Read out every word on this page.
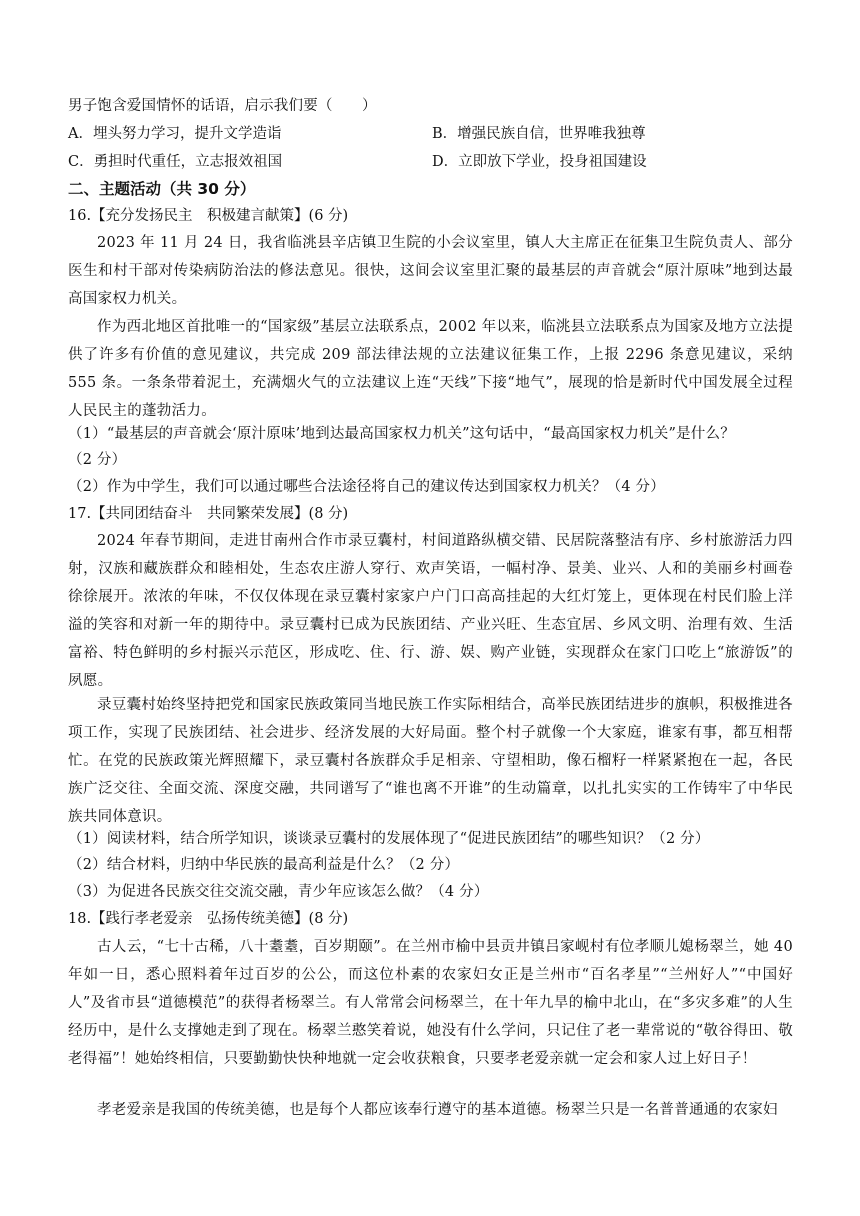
男子饱含爱国情怀的话语，启示我们要（　　）
A．埋头努力学习，提升文学造诣	B．增强民族自信，世界唯我独尊
C．勇担时代重任，立志报效祖国	D．立即放下学业，投身祖国建设
二、主题活动（共 30 分）
16.【充分发扬民主　积极建言献策】(6 分)
2023 年 11 月 24 日，我省临洮县辛店镇卫生院的小会议室里，镇人大主席正在征集卫生院负责人、部分医生和村干部对传染病防治法的修法意见。很快，这间会议室里汇聚的最基层的声音就会“原汁原味”地到达最高国家权力机关。
作为西北地区首批唯一的“国家级”基层立法联系点，2002 年以来，临洮县立法联系点为国家及地方立法提供了许多有价值的意见建议，共完成 209 部法律法规的立法建议征集工作，上报 2296 条意见建议，采纳 555 条。一条条带着泥土，充满烟火气的立法建议上连“天线”下接“地气”，展现的恰是新时代中国发展全过程人民民主的蓬勃活力。
（1）“最基层的声音就会‘原汁原味’地到达最高国家权力机关”这句话中，“最高国家权力机关”是什么？
（2 分）
（2）作为中学生，我们可以通过哪些合法途径将自己的建议传达到国家权力机关？（4 分）
17.【共同团结奋斗　共同繁荣发展】(8 分)
2024 年春节期间，走进甘南州合作市录豆囊村，村间道路纵横交错、民居院落整洁有序、乡村旅游活力四射，汉族和藏族群众和睦相处，生态农庄游人穿行、欢声笑语，一幅村净、景美、业兴、人和的美丽乡村画卷徐徐展开。浓浓的年味，不仅仅体现在录豆囊村家家户户门口高高挂起的大红灯笼上，更体现在村民们脸上洋溢的笑容和对新一年的期待中。录豆囊村已成为民族团结、产业兴旺、生态宜居、乡风文明、治理有效、生活富裕、特色鲜明的乡村振兴示范区，形成吃、住、行、游、娱、购产业链，实现群众在家门口吃上“旅游饭”的夙愿。
录豆囊村始终坚持把党和国家民族政策同当地民族工作实际相结合，高举民族团结进步的旗帜，积极推进各项工作，实现了民族团结、社会进步、经济发展的大好局面。整个村子就像一个大家庭，谁家有事，都互相帮忙。在党的民族政策光辉照耀下，录豆囊村各族群众手足相亲、守望相助，像石榴籽一样紧紧抱在一起，各民族广泛交往、全面交流、深度交融，共同谱写了“谁也离不开谁”的生动篇章，以扎扎实实的工作铸牢了中华民族共同体意识。
（1）阅读材料，结合所学知识，谈谈录豆囊村的发展体现了“促进民族团结”的哪些知识？（2 分）
（2）结合材料，归纳中华民族的最高利益是什么？（2 分）
（3）为促进各民族交往交流交融，青少年应该怎么做？（4 分）
18.【践行孝老爱亲　弘扬传统美德】(8 分)
古人云，“七十古稀，八十耋耋，百岁期颐”。在兰州市榆中县贡井镇吕家岘村有位孝顺儿媳杨翠兰，她 40 年如一日，悉心照料着年过百岁的公公，而这位朴素的农家妇女正是兰州市“百名孝星”“兰州好人”“中国好人”及省市县“道德模范”的获得者杨翠兰。有人常常会问杨翠兰，在十年九旱的榆中北山，在“多灾多难”的人生经历中，是什么支撑她走到了现在。杨翠兰憨笑着说，她没有什么学问，只记住了老一辈常说的“敬谷得田、敬老得福”！她始终相信，只要勤勤快快种地就一定会收获粮食，只要孝老爱亲就一定会和家人过上好日子！
孝老爱亲是我国的传统美德，也是每个人都应该奉行遵守的基本道德。杨翠兰只是一名普普通通的农家妇
